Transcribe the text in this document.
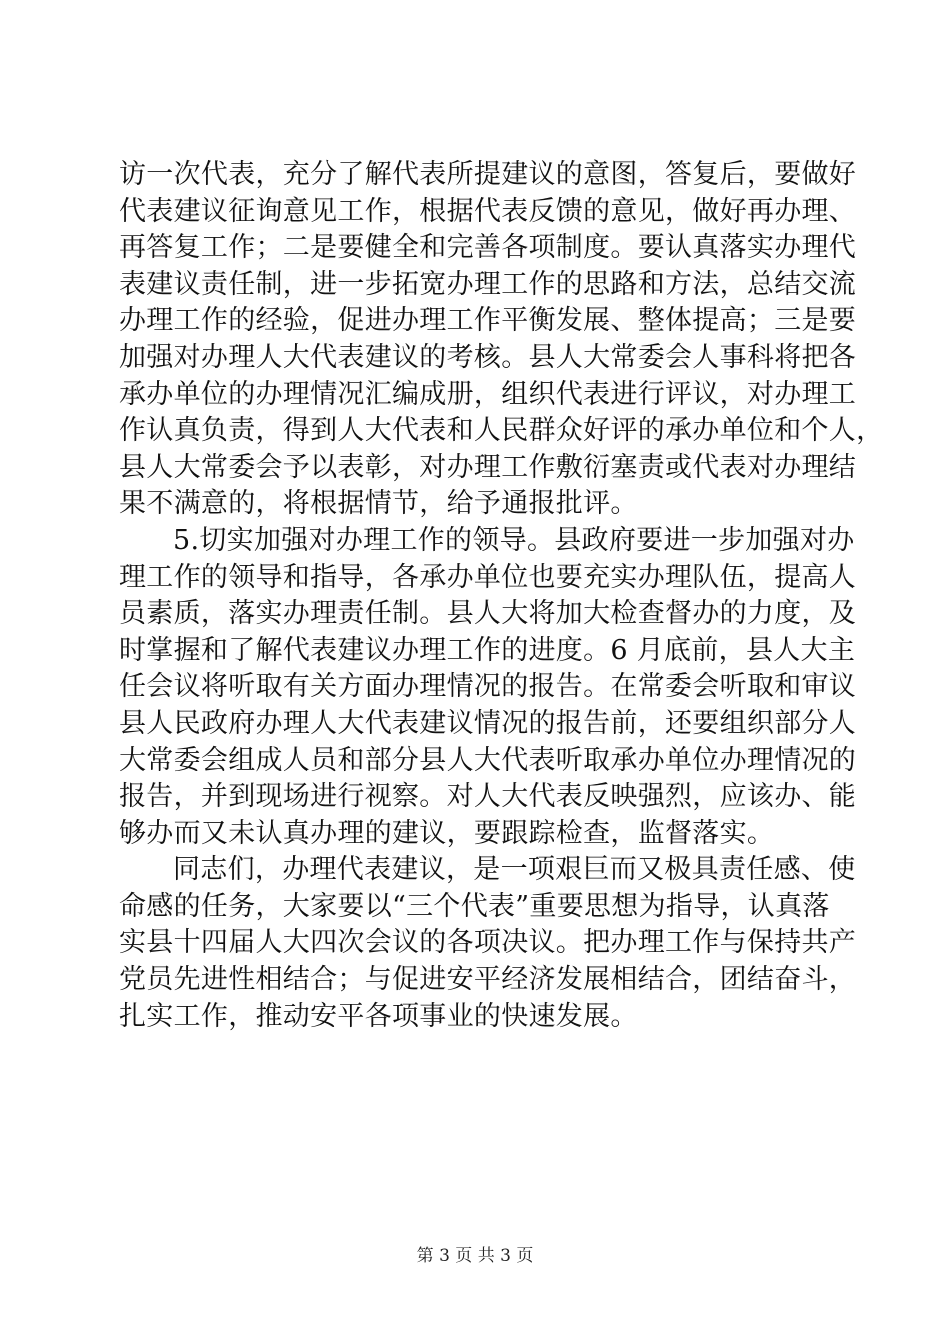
访一次代表，充分了解代表所提建议的意图，答复后，要做好
代表建议征询意见工作，根据代表反馈的意见，做好再办理、
再答复工作；二是要健全和完善各项制度。要认真落实办理代
表建议责任制，进一步拓宽办理工作的思路和方法，总结交流
办理工作的经验，促进办理工作平衡发展、整体提高；三是要
加强对办理人大代表建议的考核。县人大常委会人事科将把各
承办单位的办理情况汇编成册，组织代表进行评议，对办理工
作认真负责，得到人大代表和人民群众好评的承办单位和个人，
县人大常委会予以表彰，对办理工作敷衍塞责或代表对办理结
果不满意的，将根据情节，给予通报批评。
5.切实加强对办理工作的领导。县政府要进一步加强对办
理工作的领导和指导，各承办单位也要充实办理队伍，提高人
员素质，落实办理责任制。县人大将加大检查督办的力度，及
时掌握和了解代表建议办理工作的进度。6 月底前，县人大主
任会议将听取有关方面办理情况的报告。在常委会听取和审议
县人民政府办理人大代表建议情况的报告前，还要组织部分人
大常委会组成人员和部分县人大代表听取承办单位办理情况的
报告，并到现场进行视察。对人大代表反映强烈，应该办、能
够办而又未认真办理的建议，要跟踪检查，监督落实。
同志们，办理代表建议，是一项艰巨而又极具责任感、使
命感的任务，大家要以“三个代表”重要思想为指导，认真落
实县十四届人大四次会议的各项决议。把办理工作与保持共产
党员先进性相结合；与促进安平经济发展相结合，团结奋斗，
扎实工作，推动安平各项事业的快速发展。
第 3 页 共 3 页
